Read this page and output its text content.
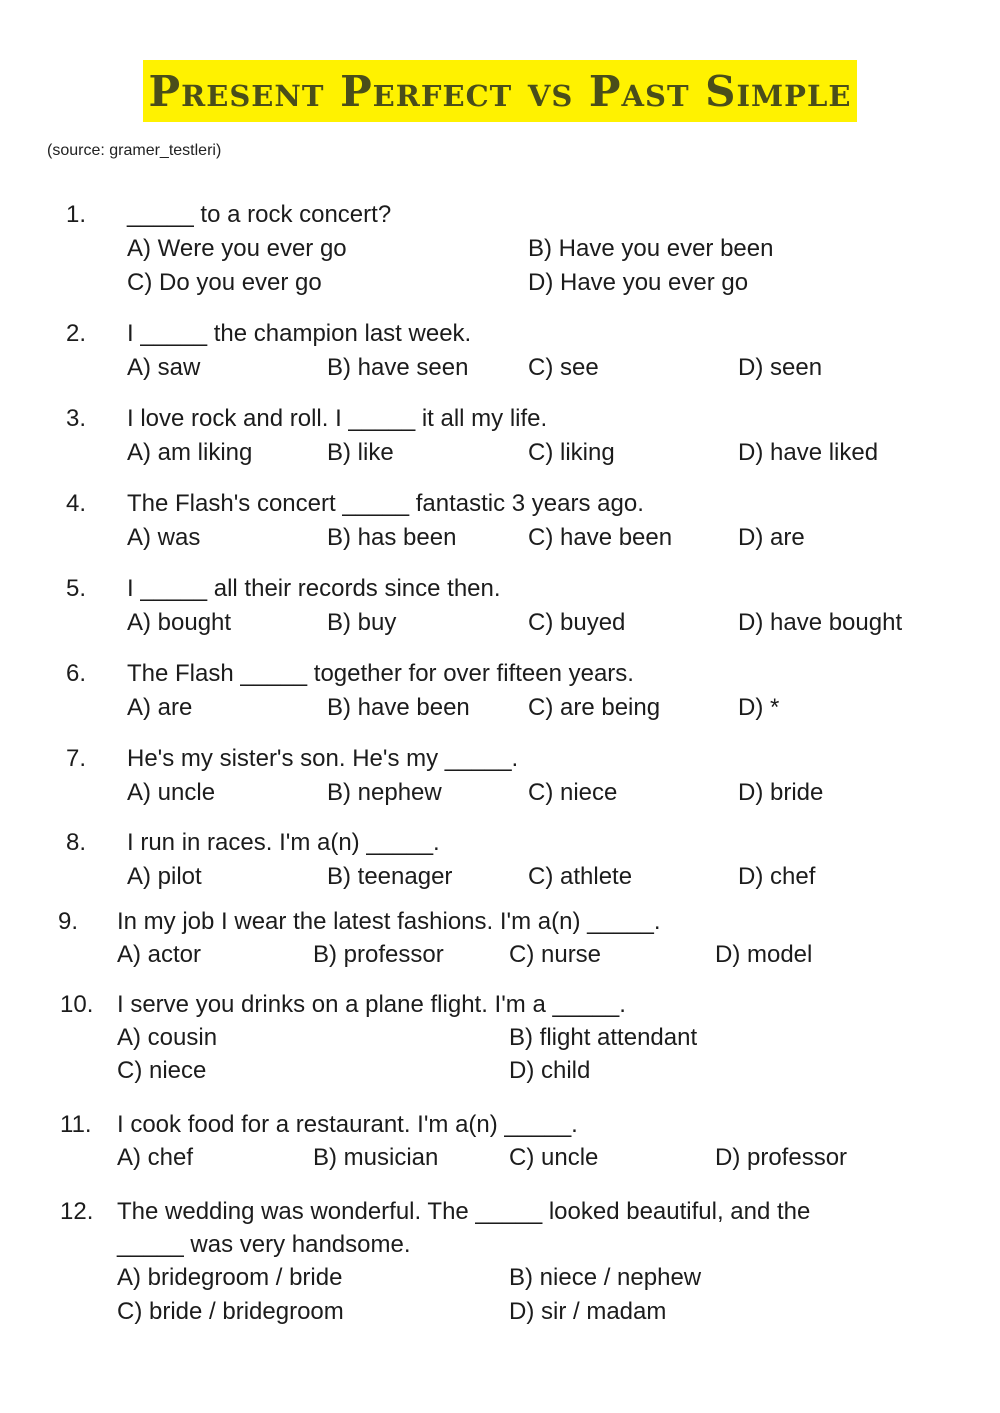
Present Perfect vs Past Simple
(source: gramer_testleri)
1. _____ to a rock concert?
A) Were you ever go	B) Have you ever been
C) Do you ever go	D) Have you ever go
2. I _____ the champion last week.
A) saw	B) have seen C) see	D) seen
3. I love rock and roll. I _____ it all my life.
A) am liking	B) like	C) liking	D) have liked
4. The Flash's concert _____ fantastic 3 years ago.
A) was	B) has been	C) have been	D) are
5. I _____ all their records since then.
A) bought	B) buy	C) buyed	D) have bought
6. The Flash _____ together for over fifteen years.
A) are	B) have been C) are being	D) *
7. He's my sister's son. He's my _____.
A) uncle	B) nephew	C) niece	D) bride
8. I run in races. I'm a(n) _____.
A) pilot	B) teenager	C) athlete	D) chef
9. In my job I wear the latest fashions. I'm a(n) _____.
A) actor	B) professor	C) nurse	D) model
10. I serve you drinks on a plane flight. I'm a _____.
A) cousin	B) flight attendant
C) niece	D) child
11. I cook food for a restaurant. I'm a(n) _____.
A) chef	B) musician	C) uncle	D) professor
12. The wedding was wonderful. The _____ looked beautiful, and the
_____ was very handsome.
A) bridegroom / bride	B) niece / nephew
C) bride / bridegroom	D) sir / madam
